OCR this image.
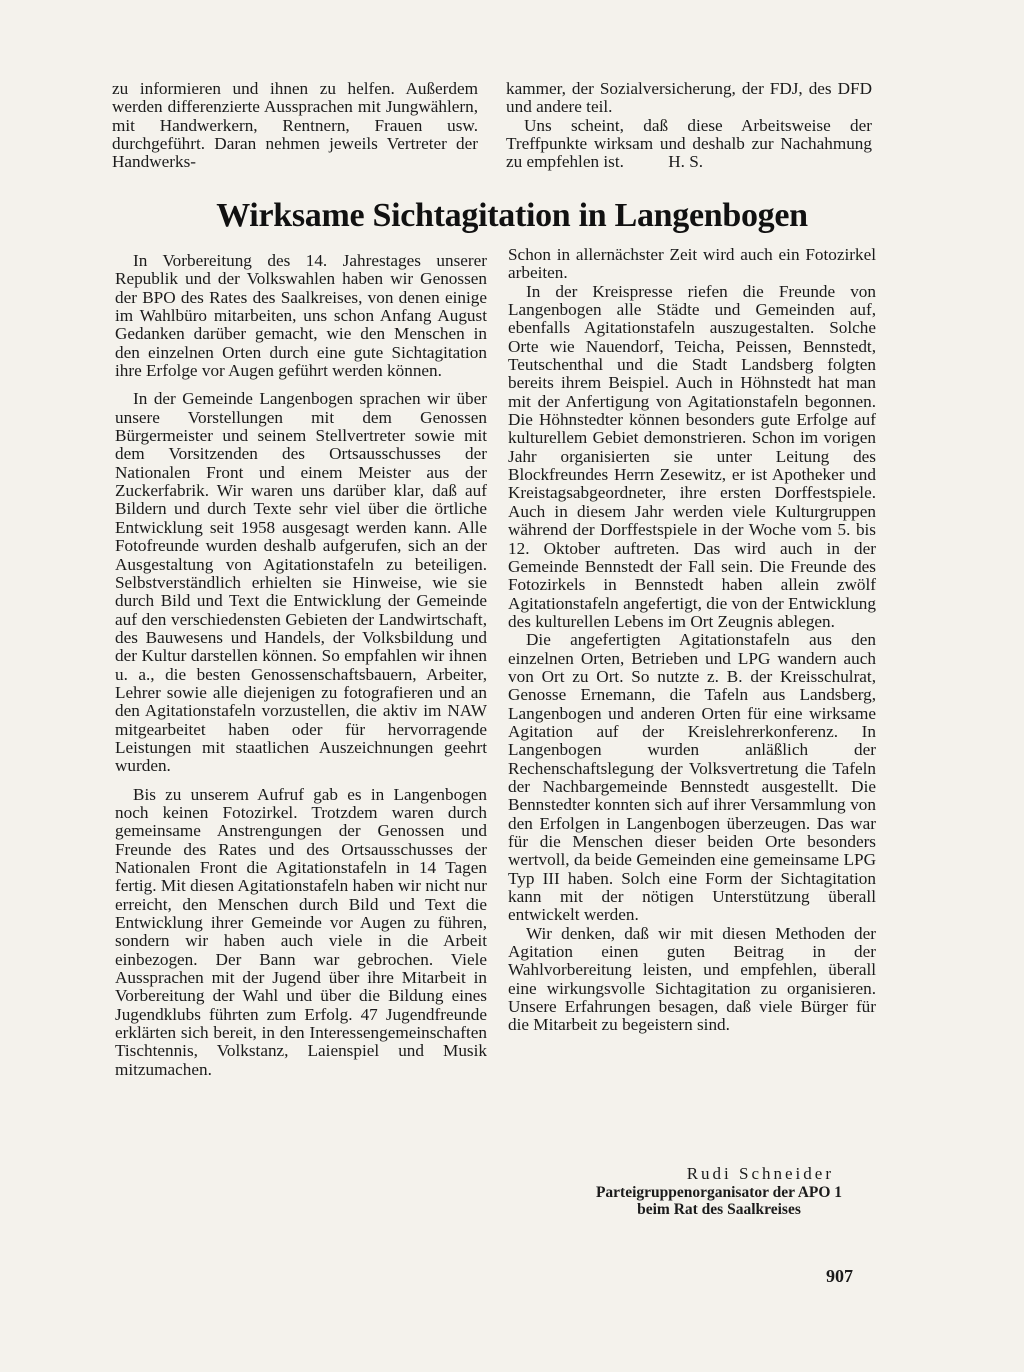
zu informieren und ihnen zu helfen. Außerdem werden differenzierte Aussprachen mit Jungwählern, mit Handwerkern, Rentnern, Frauen usw. durchgeführt. Daran nehmen jeweils Vertreter der Handwerks-

kammer, der Sozialversicherung, der FDJ, des DFD und andere teil.

Uns scheint, daß diese Arbeitsweise der Treffpunkte wirksam und deshalb zur Nachahmung zu empfehlen ist.	H. S.

Wirksame Sichtagitation in Langenbogen

In Vorbereitung des 14. Jahrestages unserer Republik und der Volkswahlen haben wir Genossen der BPO des Rates des Saalkreises, von denen einige im Wahlbüro mitarbeiten, uns schon Anfang August Gedanken darüber gemacht, wie den Menschen in den einzelnen Orten durch eine gute Sichtagitation ihre Erfolge vor Augen geführt werden können.

In der Gemeinde Langenbogen sprachen wir über unsere Vorstellungen mit dem Genossen Bürgermeister und seinem Stellvertreter sowie mit dem Vorsitzenden des Ortsausschusses der Nationalen Front und einem Meister aus der Zuckerfabrik. Wir waren uns darüber klar, daß auf Bildern und durch Texte sehr viel über die örtliche Entwicklung seit 1958 ausgesagt werden kann. Alle Fotofreunde wurden deshalb aufgerufen, sich an der Ausgestaltung von Agitationstafeln zu beteiligen. Selbstverständlich erhielten sie Hinweise, wie sie durch Bild und Text die Entwicklung der Gemeinde auf den verschiedensten Gebieten der Landwirtschaft, des Bauwesens und Handels, der Volksbildung und der Kultur darstellen können. So empfahlen wir ihnen u. a., die besten Genossenschaftsbauern, Arbeiter, Lehrer sowie alle diejenigen zu fotografieren und an den Agitationstafeln vorzustellen, die aktiv im NAW mitgearbeitet haben oder für hervorragende Leistungen mit staatlichen Auszeichnungen geehrt wurden.

Bis zu unserem Aufruf gab es in Langenbogen noch keinen Fotozirkel. Trotzdem waren durch gemeinsame Anstrengungen der Genossen und Freunde des Rates und des Ortsausschusses der Nationalen Front die Agitationstafeln in 14 Tagen fertig. Mit diesen Agitationstafeln haben wir nicht nur erreicht, den Menschen durch Bild und Text die Entwicklung ihrer Gemeinde vor Augen zu führen, sondern wir haben auch viele in die Arbeit einbezogen. Der Bann war gebrochen. Viele Aussprachen mit der Jugend über ihre Mitarbeit in Vorbereitung der Wahl und über die Bildung eines Jugendklubs führten zum Erfolg. 47 Jugendfreunde erklärten sich bereit, in den Interessengemeinschaften Tischtennis, Volkstanz, Laienspiel und Musik mitzumachen.

Schon in allernächster Zeit wird auch ein Fotozirkel arbeiten.

In der Kreispresse riefen die Freunde von Langenbogen alle Städte und Gemeinden auf, ebenfalls Agitationstafeln auszugestalten. Solche Orte wie Nauendorf, Teicha, Peissen, Bennstedt, Teutschenthal und die Stadt Landsberg folgten bereits ihrem Beispiel. Auch in Höhnstedt hat man mit der Anfertigung von Agitationstafeln begonnen. Die Höhnstedter können besonders gute Erfolge auf kulturellem Gebiet demonstrieren. Schon im vorigen Jahr organisierten sie unter Leitung des Blockfreundes Herrn Zesewitz, er ist Apotheker und Kreistagsabgeordneter, ihre ersten Dorffestspiele. Auch in diesem Jahr werden viele Kulturgruppen während der Dorffestspiele in der Woche vom 5. bis 12. Oktober auftreten. Das wird auch in der Gemeinde Bennstedt der Fall sein. Die Freunde des Fotozirkels in Bennstedt haben allein zwölf Agitationstafeln angefertigt, die von der Entwicklung des kulturellen Lebens im Ort Zeugnis ablegen.

Die angefertigten Agitationstafeln aus den einzelnen Orten, Betrieben und LPG wandern auch von Ort zu Ort. So nutzte z. B. der Kreisschulrat, Genosse Ernemann, die Tafeln aus Landsberg, Langenbogen und anderen Orten für eine wirksame Agitation auf der Kreislehrerkonferenz. In Langenbogen wurden anläßlich der Rechenschaftslegung der Volksvertretung die Tafeln der Nachbargemeinde Bennstedt ausgestellt. Die Bennstedter konnten sich auf ihrer Versammlung von den Erfolgen in Langenbogen überzeugen. Das war für die Menschen dieser beiden Orte besonders wertvoll, da beide Gemeinden eine gemeinsame LPG Typ III haben. Solch eine Form der Sichtagitation kann mit der nötigen Unterstützung überall entwickelt werden.

Wir denken, daß wir mit diesen Methoden der Agitation einen guten Beitrag in der Wahlvorbereitung leisten, und empfehlen, überall eine wirkungsvolle Sichtagitation zu organisieren. Unsere Erfahrungen besagen, daß viele Bürger für die Mitarbeit zu begeistern sind.

Rudi Schneider
Parteigruppenorganisator der APO 1
beim Rat des Saalkreises
907
